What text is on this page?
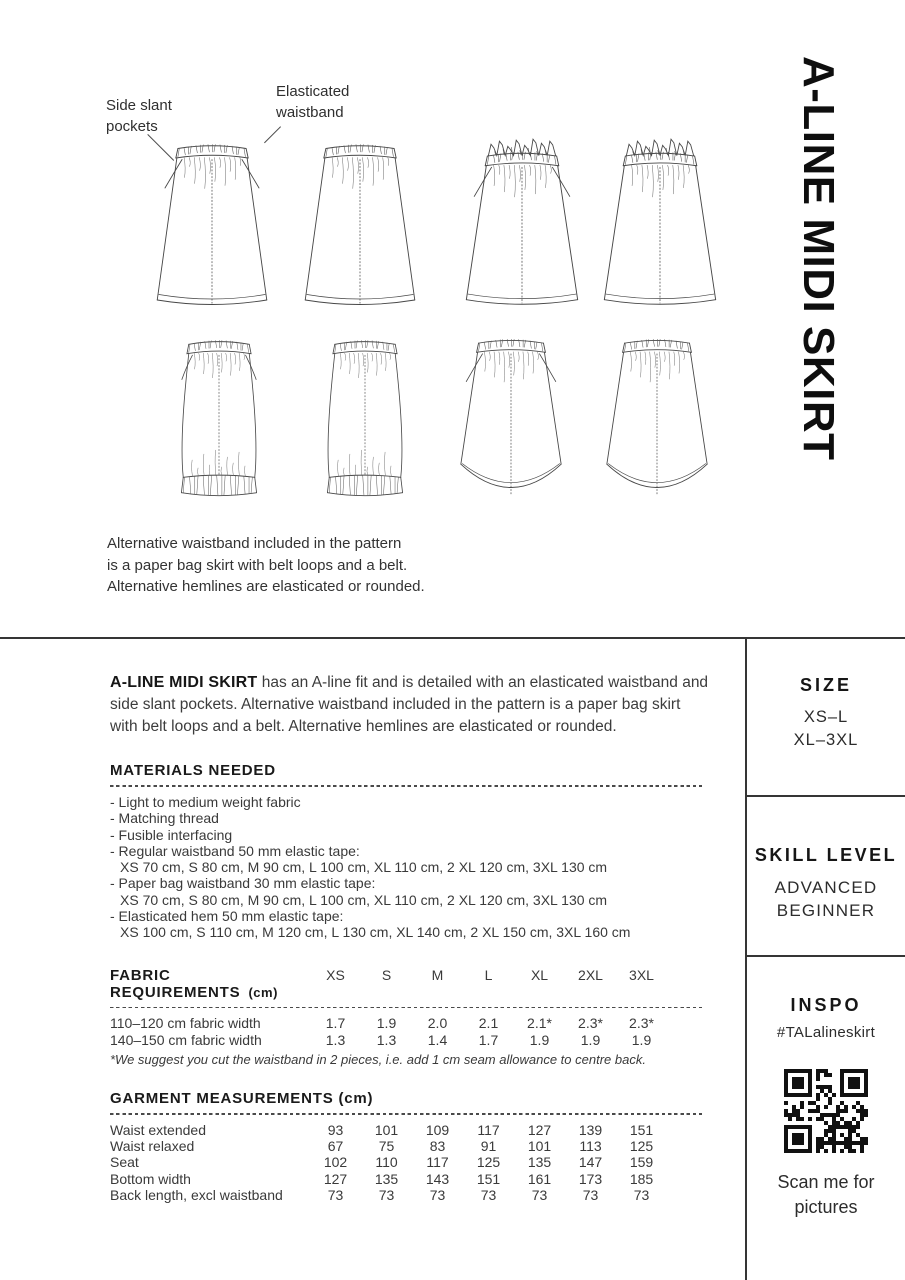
Side slant
pockets
Elasticated
waistband
Alternative waistband included in the pattern
is a paper bag skirt with belt loops and a belt.
Alternative hemlines are elasticated or rounded.
A-LINE MIDI SKIRT

A-LINE MIDI SKIRT has an A-line fit and is detailed with an elasticated waistband and side slant pockets. Alternative waistband included in the pattern is a paper bag skirt with belt loops and a belt. Alternative hemlines are elasticated or rounded.

MATERIALS NEEDED
- Light to medium weight fabric
- Matching thread
- Fusible interfacing
- Regular waistband 50 mm elastic tape:
XS 70 cm, S 80 cm, M 90 cm, L 100 cm, XL 110 cm, 2 XL 120 cm, 3XL 130 cm
- Paper bag waistband 30 mm elastic tape:
XS 70 cm, S 80 cm, M 90 cm, L 100 cm, XL 110 cm, 2 XL 120 cm, 3XL 130 cm
- Elasticated hem 50 mm elastic tape:
XS 100 cm, S 110 cm, M 120 cm, L 130 cm, XL 140 cm, 2 XL 150 cm, 3XL 160 cm
FABRIC REQUIREMENTS (cm)
XS	S	M	L	XL	2XL	3XL
110–120 cm fabric width	1.7	1.9	2.0	2.1	2.1*	2.3*	2.3*
140–150 cm fabric width	1.3	1.3	1.4	1.7	1.9	1.9	1.9
*We suggest you cut the waistband in 2 pieces, i.e. add 1 cm seam allowance to centre back.
GARMENT MEASUREMENTS (cm)
Waist extended	93	101	109	117	127	139	151
Waist relaxed	67	75	83	91	101	113	125
Seat	102	110	117	125	135	147	159
Bottom width	127	135	143	151	161	173	185
Back length, excl waistband	73	73	73	73	73	73	73
SIZE
XS–L
XL–3XL
SKILL LEVEL
ADVANCED
BEGINNER
INSPO
#TALalineskirt
Scan me for
pictures
